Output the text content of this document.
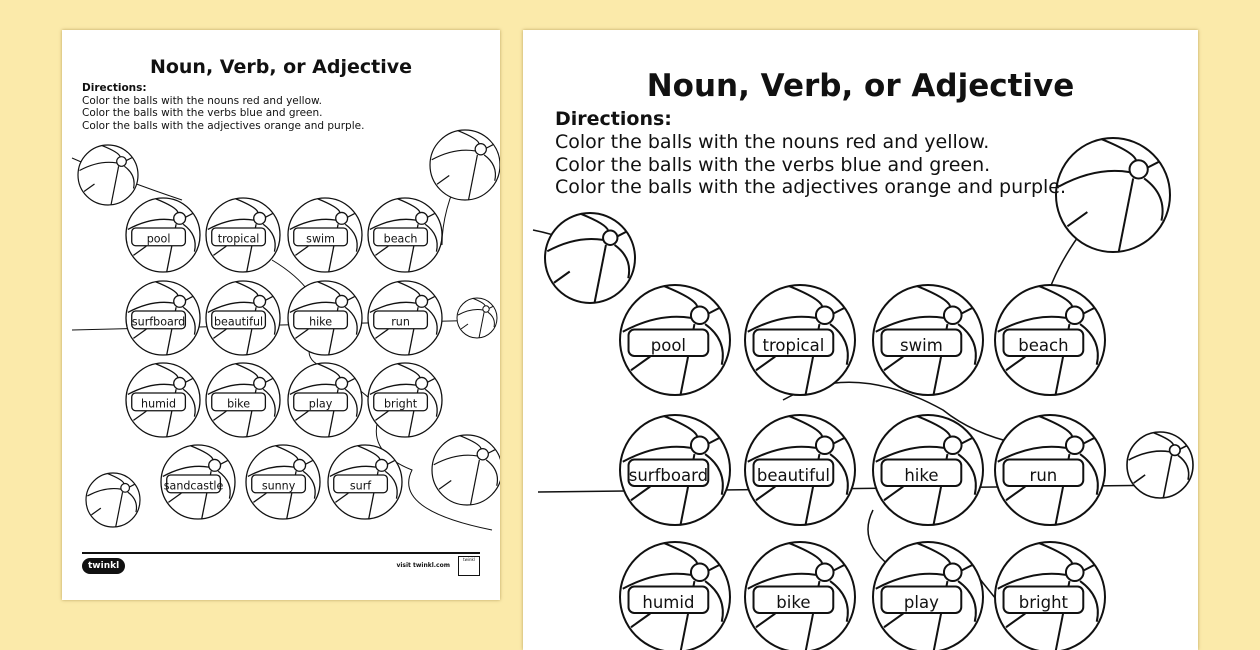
pool	tropical	swim	beach
surfboard	beautiful	hike	run
humid	bike	play	bright
sandcastle	sunny	surf
Noun, Verb, or Adjective
Directions:
Color the balls with the nouns red and yellow.
Color the balls with the verbs blue and green.
Color the balls with the adjectives orange and purple.
twinkl	visit twinkl.com
twinkl
pool	tropical	swim	beach
surfboard	beautiful	hike	run
humid	bike	play	bright
Noun, Verb, or Adjective
Directions:
Color the balls with the nouns red and yellow.
Color the balls with the verbs blue and green.
Color the balls with the adjectives orange and purple.
